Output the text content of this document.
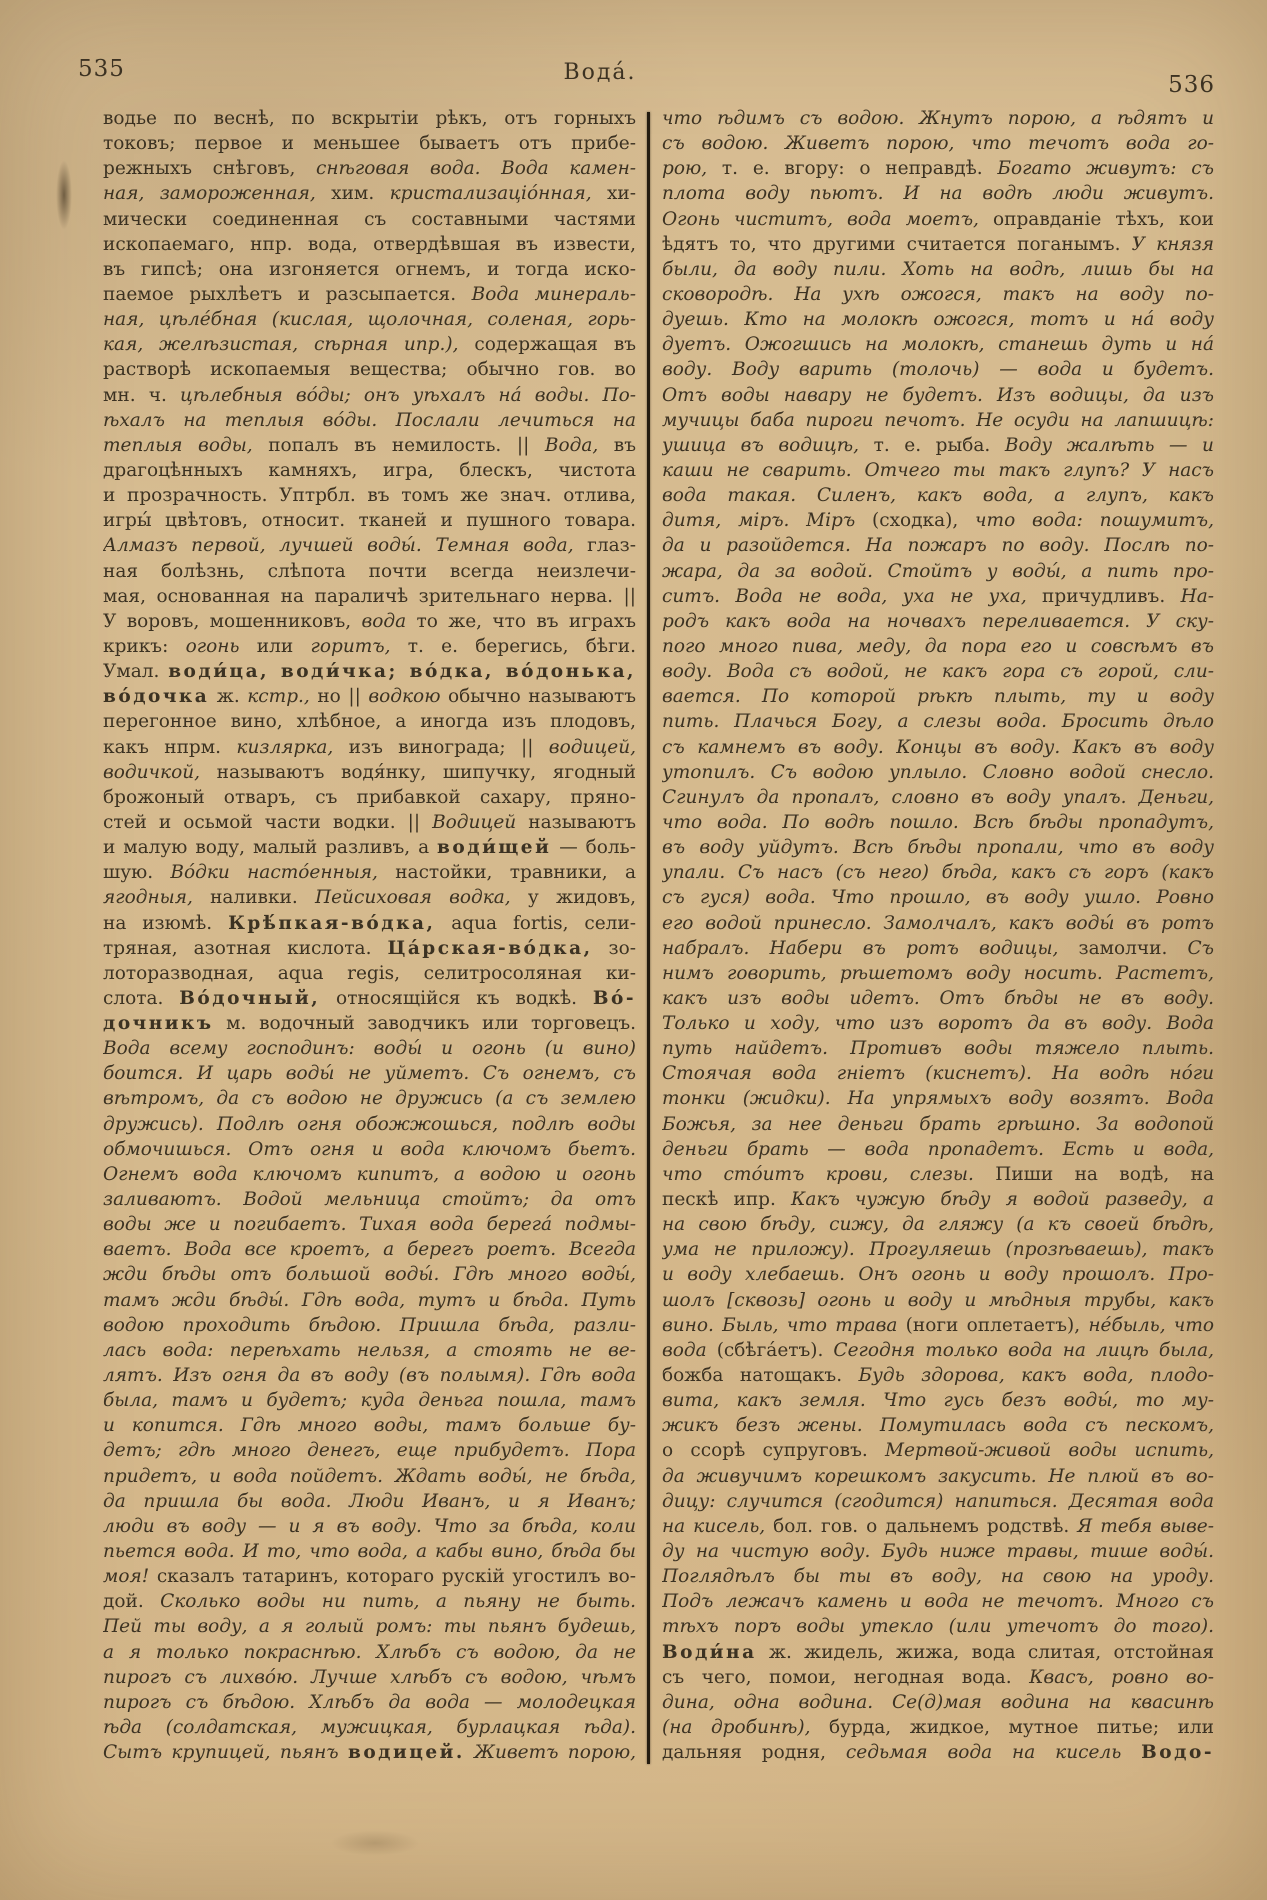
535	Вода́.	536
водье по веснѣ, по вскрытіи рѣкъ, отъ горныхъ
токовъ; первое и меньшее бываетъ отъ прибе-
режныхъ снѣговъ, снѣговая вода. Вода камен-
ная, замороженная, хим. кристализаціо́нная, хи-
мически соединенная съ составными частями
ископаемаго, нпр. вода, отвердѣвшая въ извести,
въ гипсѣ; она изгоняется огнемъ, и тогда иско-
паемое рыхлѣетъ и разсыпается. Вода минераль-
ная, цѣле́бная (кислая, щолочная, соленая, горь-
кая, желѣзистая, сѣрная ипр.), содержащая въ
растворѣ ископаемыя вещества; обычно гов. во
мн. ч. цѣлебныя во́ды; онъ уѣхалъ на́ воды. По-
ѣхалъ на теплыя во́ды. Послали лечиться на
теплыя воды, попалъ въ немилость. || Вода, въ
драгоцѣнныхъ камняхъ, игра, блескъ, чистота
и прозрачность. Уптрбл. въ томъ же знач. отлива,
игры́ цвѣтовъ, относит. тканей и пушного товара.
Алмазъ первой, лучшей воды́. Темная вода, глаз-
ная болѣзнь, слѣпота почти всегда неизлечи-
мая, основанная на параличѣ зрительнаго нерва. ||
У воровъ, мошенниковъ, вода то же, что въ играхъ
крикъ: огонь или горитъ, т. е. берегись, бѣги.
Умал. води́ца, води́чка; во́дка, во́донька,
во́дочка ж. кстр., но || водкою обычно называютъ
перегонное вино, хлѣбное, а иногда изъ плодовъ,
какъ нпрм. кизлярка, изъ винограда; || водицей,
водичкой, называютъ водя́нку, шипучку, ягодный
брожоный отваръ, съ прибавкой сахару, пряно-
стей и осьмой части водки. || Водицей называютъ
и малую воду, малый разливъ, а води́щей — боль-
шую. Во́дки насто́енныя, настойки, травники, а
ягодныя, наливки. Пейсиховая водка, у жидовъ,
на изюмѣ. Крѣ́пкая-во́дка, aqua fortis, сели-
тряная, азотная кислота. Ца́рская-во́дка, зо-
лоторазводная, aqua regis, селитросоляная ки-
слота. Во́дочный, относящійся къ водкѣ. Во́-
дочникъ м. водочный заводчикъ или торговецъ.
Вода всему господинъ: воды́ и огонь (и вино)
боится. И царь воды́ не уйметъ. Съ огнемъ, съ
вѣтромъ, да съ водою не дружись (а съ землею
дружись). Подлѣ огня обожжошься, подлѣ воды
обмочишься. Отъ огня и вода ключомъ бьетъ.
Огнемъ вода ключомъ кипитъ, а водою и огонь
заливаютъ. Водой мельница стойтъ; да отъ
воды же и погибаетъ. Тихая вода берега́ подмы-
ваетъ. Вода все кроетъ, а берегъ роетъ. Всегда
жди бѣды отъ большой воды́. Гдѣ много воды́,
тамъ жди бѣды́. Гдѣ вода, тутъ и бѣда. Путь
водою проходить бѣдою. Пришла бѣда, разли-
лась вода: переѣхать нельзя, а стоять не ве-
лятъ. Изъ огня да въ воду (въ полымя). Гдѣ вода
была, тамъ и будетъ; куда деньга пошла, тамъ
и копится. Гдѣ много воды, тамъ больше бу-
детъ; гдѣ много денегъ, еще прибудетъ. Пора
придетъ, и вода пойдетъ. Ждать воды́, не бѣда,
да пришла бы вода. Люди Иванъ, и я Иванъ;
люди въ воду — и я въ воду. Что за бѣда, коли
пьется вода. И то, что вода, а кабы вино, бѣда бы
моя! сказалъ татаринъ, котораго рускій угостилъ во-
дой. Сколько воды ни пить, а пьяну не быть.
Пей ты воду, а я голый ромъ: ты пьянъ будешь,
а я только покраснѣю. Хлѣбъ съ водою, да не
пирогъ съ лихво́ю. Лучше хлѣбъ съ водою, чѣмъ
пирогъ съ бѣдою. Хлѣбъ да вода — молодецкая
ѣда (солдатская, мужицкая, бурлацкая ѣда).
Сытъ крупицей, пьянъ водицей. Живетъ порою,
что ѣдимъ съ водою. Жнутъ порою, а ѣдятъ и
съ водою. Живетъ порою, что течотъ вода го-
рою, т. е. вгору: о неправдѣ. Богато живутъ: съ
плота воду пьютъ. И на водѣ люди живутъ.
Огонь чиститъ, вода моетъ, оправданіе тѣхъ, кои
ѣдятъ то, что другими считается поганымъ. У князя
были, да воду пили. Хоть на водѣ, лишь бы на
сковородѣ. На ухѣ ожогся, такъ на воду по-
дуешь. Кто на молокѣ ожогся, тотъ и на́ воду
дуетъ. Ожогшись на молокѣ, станешь дуть и на́
воду. Воду варить (толочь) — вода и будетъ.
Отъ воды навару не будетъ. Изъ водицы, да изъ
мучицы баба пироги печотъ. Не осуди на лапшицѣ:
ушица въ водицѣ, т. е. рыба. Воду жалѣть — и
каши не сварить. Отчего ты такъ глупъ? У насъ
вода такая. Силенъ, какъ вода, а глупъ, какъ
дитя, міръ. Міръ (сходка), что вода: пошумитъ,
да и разойдется. На пожаръ по воду. Послѣ по-
жара, да за водой. Стойтъ у воды́, а пить про-
ситъ. Вода не вода, уха не уха, причудливъ. На-
родъ какъ вода на ночвахъ переливается. У ску-
пого много пива, меду, да пора его и совсѣмъ въ
воду. Вода съ водой, не какъ гора съ горой, сли-
вается. По которой рѣкѣ плыть, ту и воду
пить. Плачься Богу, а слезы вода. Бросить дѣло
съ камнемъ въ воду. Концы въ воду. Какъ въ воду
утопилъ. Съ водою уплыло. Словно водой снесло.
Сгинулъ да пропалъ, словно въ воду упалъ. Деньги,
что вода. По водѣ пошло. Всѣ бѣды пропадутъ,
въ воду уйдутъ. Всѣ бѣды пропали, что въ воду
упали. Съ насъ (съ него) бѣда, какъ съ горъ (какъ
съ гуся) вода. Что прошло, въ воду ушло. Ровно
его водой принесло. Замолчалъ, какъ воды́ въ ротъ
набралъ. Набери въ ротъ водицы, замолчи. Съ
нимъ говорить, рѣшетомъ воду носить. Растетъ,
какъ изъ воды идетъ. Отъ бѣды не въ воду.
Только и ходу, что изъ воротъ да въ воду. Вода
путь найдетъ. Противъ воды тяжело плыть.
Стоячая вода гніетъ (киснетъ). На водѣ но́ги
тонки (жидки). На упрямыхъ воду возятъ. Вода
Божья, за нее деньги брать грѣшно. За водопой
деньги брать — вода пропадетъ. Есть и вода,
что сто́итъ крови, слезы. Пиши на водѣ, на
пескѣ ипр. Какъ чужую бѣду я водой разведу, а
на свою бѣду, сижу, да гляжу (а къ своей бѣдѣ,
ума не приложу). Прогуляешь (прозѣваешь), такъ
и воду хлебаешь. Онъ огонь и воду прошолъ. Про-
шолъ [сквозь] огонь и воду и мѣдныя трубы, какъ
вино. Быль, что трава (ноги оплетаетъ), не́быль, что
вода (сбѣга́етъ). Сегодня только вода на лицѣ была,
божба натощакъ. Будь здорова, какъ вода, плодо-
вита, какъ земля. Что гусь безъ воды́, то му-
жикъ безъ жены. Помутилась вода съ пескомъ,
о ссорѣ супруговъ. Мертвой-живой воды испить,
да живучимъ корешкомъ закусить. Не плюй въ во-
дицу: случится (сгодится) напиться. Десятая вода
на кисель, бол. гов. о дальнемъ родствѣ. Я тебя выве-
ду на чистую воду. Будь ниже травы, тише воды́.
Поглядѣлъ бы ты въ воду, на свою на уроду.
Подъ лежачъ камень и вода не течотъ. Много съ
тѣхъ поръ воды утекло (или утечотъ до того).
Води́на ж. жидель, жижа, вода слитая, отстойная
съ чего, помои, негодная вода. Квасъ, ровно во-
дина, одна водина. Се(д)мая водина на квасинѣ
(на дробинѣ), бурда, жидкое, мутное питье; или
дальняя родня, седьмая вода на кисель Водо-
